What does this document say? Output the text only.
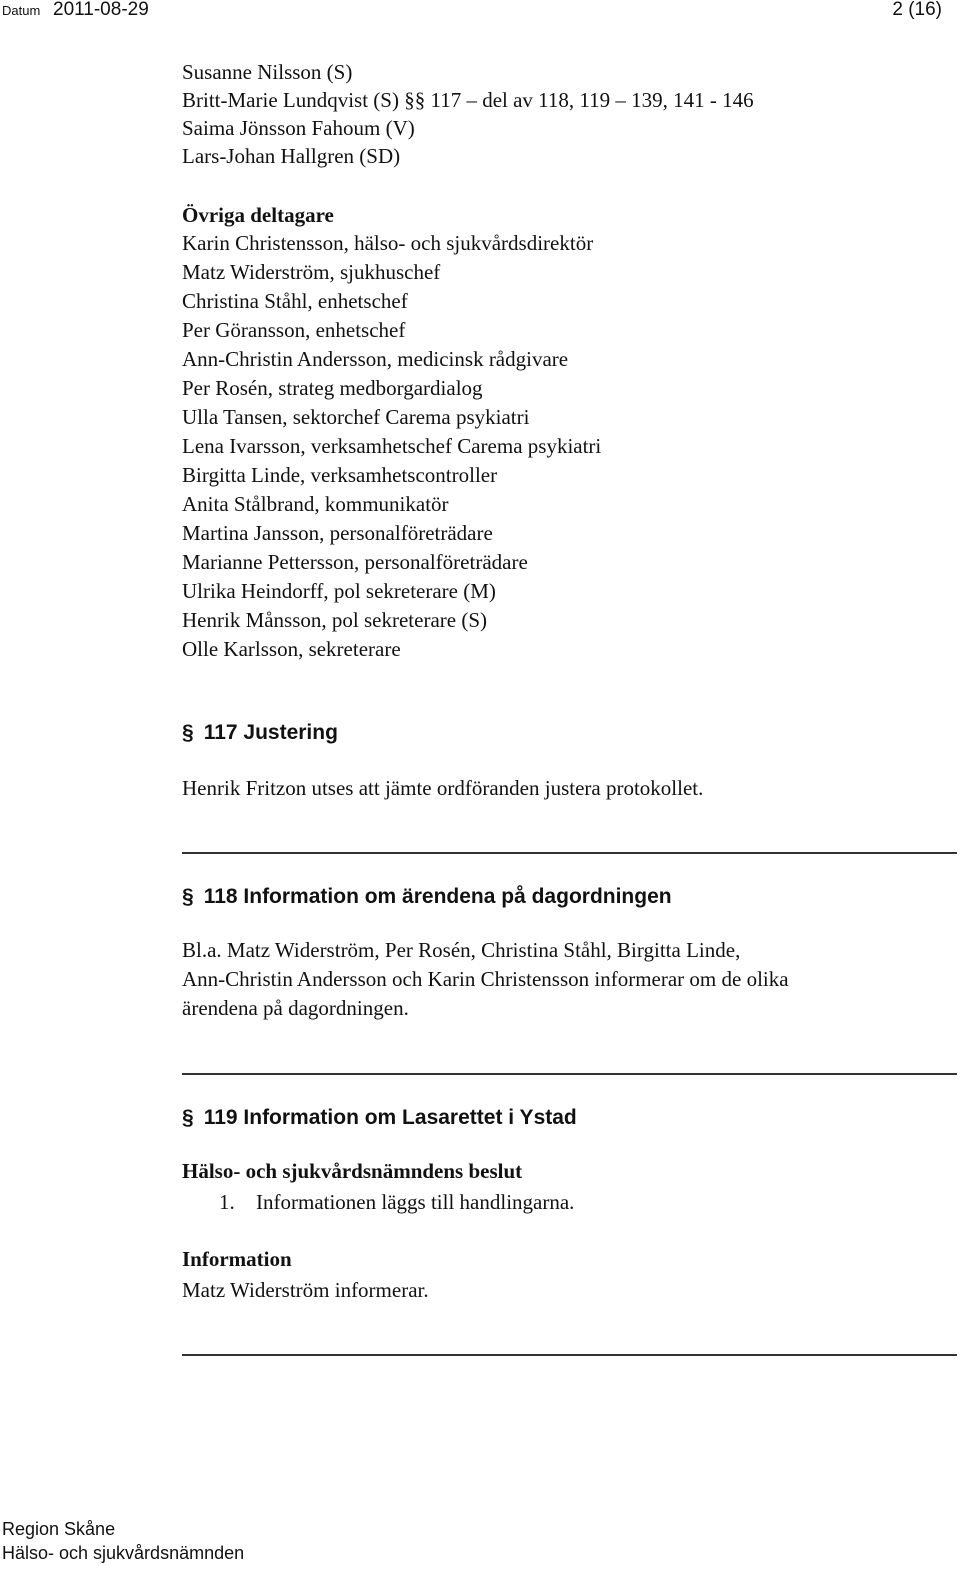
Datum 2011-08-29	2 (16)
Susanne Nilsson (S)
Britt-Marie Lundqvist (S) §§ 117 – del av 118, 119 – 139, 141 - 146
Saima Jönsson Fahoum (V)
Lars-Johan Hallgren (SD)
Övriga deltagare
Karin Christensson, hälso- och sjukvårdsdirektör
Matz Widerström, sjukhuschef
Christina Ståhl, enhetschef
Per Göransson, enhetschef
Ann-Christin Andersson, medicinsk rådgivare
Per Rosén, strateg medborgardialog
Ulla Tansen, sektorchef Carema psykiatri
Lena Ivarsson, verksamhetschef Carema psykiatri
Birgitta Linde, verksamhetscontroller
Anita Stålbrand, kommunikatör
Martina Jansson, personalföreträdare
Marianne Pettersson, personalföreträdare
Ulrika Heindorff, pol sekreterare (M)
Henrik Månsson, pol sekreterare (S)
Olle Karlsson, sekreterare
§ 117 Justering
Henrik Fritzon utses att jämte ordföranden justera protokollet.
§ 118 Information om ärendena på dagordningen
Bl.a. Matz Widerström, Per Rosén, Christina Ståhl, Birgitta Linde,
Ann-Christin Andersson och Karin Christensson informerar om de olika
ärendena på dagordningen.
§ 119 Information om Lasarettet i Ystad
Hälso- och sjukvårdsnämndens beslut
1. Informationen läggs till handlingarna.
Information
Matz Widerström informerar.
Region Skåne
Hälso- och sjukvårdsnämnden
